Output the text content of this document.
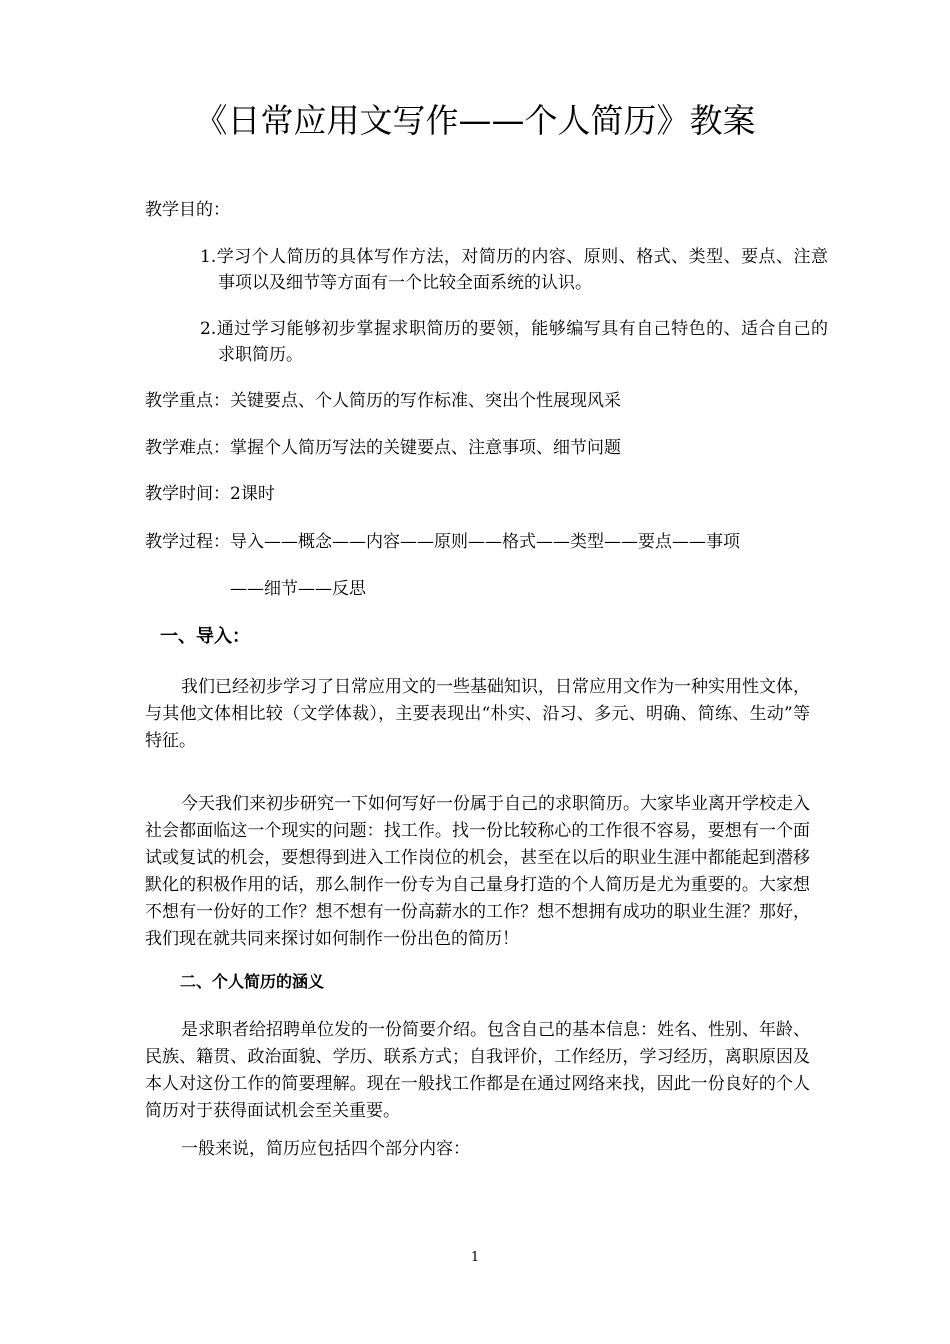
《日常应用文写作——个人简历》教案
教学目的：
1.学习个人简历的具体写作方法，对简历的内容、原则、格式、类型、要点、注意事项以及细节等方面有一个比较全面系统的认识。
2.通过学习能够初步掌握求职简历的要领，能够编写具有自己特色的、适合自己的求职简历。
教学重点：关键要点、个人简历的写作标准、突出个性展现风采
教学难点：掌握个人简历写法的关键要点、注意事项、细节问题
教学时间：2课时
教学过程：导入——概念——内容——原则——格式——类型——要点——事项
——细节——反思
一、导入：
我们已经初步学习了日常应用文的一些基础知识，日常应用文作为一种实用性文体，与其他文体相比较（文学体裁），主要表现出“朴实、沿习、多元、明确、简练、生动”等特征。
今天我们来初步研究一下如何写好一份属于自己的求职简历。大家毕业离开学校走入社会都面临这一个现实的问题：找工作。找一份比较称心的工作很不容易，要想有一个面试或复试的机会，要想得到进入工作岗位的机会，甚至在以后的职业生涯中都能起到潜移默化的积极作用的话，那么制作一份专为自己量身打造的个人简历是尤为重要的。大家想不想有一份好的工作？想不想有一份高薪水的工作？想不想拥有成功的职业生涯？那好，我们现在就共同来探讨如何制作一份出色的简历！
二、个人简历的涵义
是求职者给招聘单位发的一份简要介绍。包含自己的基本信息：姓名、性别、年龄、民族、籍贯、政治面貌、学历、联系方式；自我评价，工作经历，学习经历，离职原因及本人对这份工作的简要理解。现在一般找工作都是在通过网络来找，因此一份良好的个人简历对于获得面试机会至关重要。
一般来说，简历应包括四个部分内容：
1
